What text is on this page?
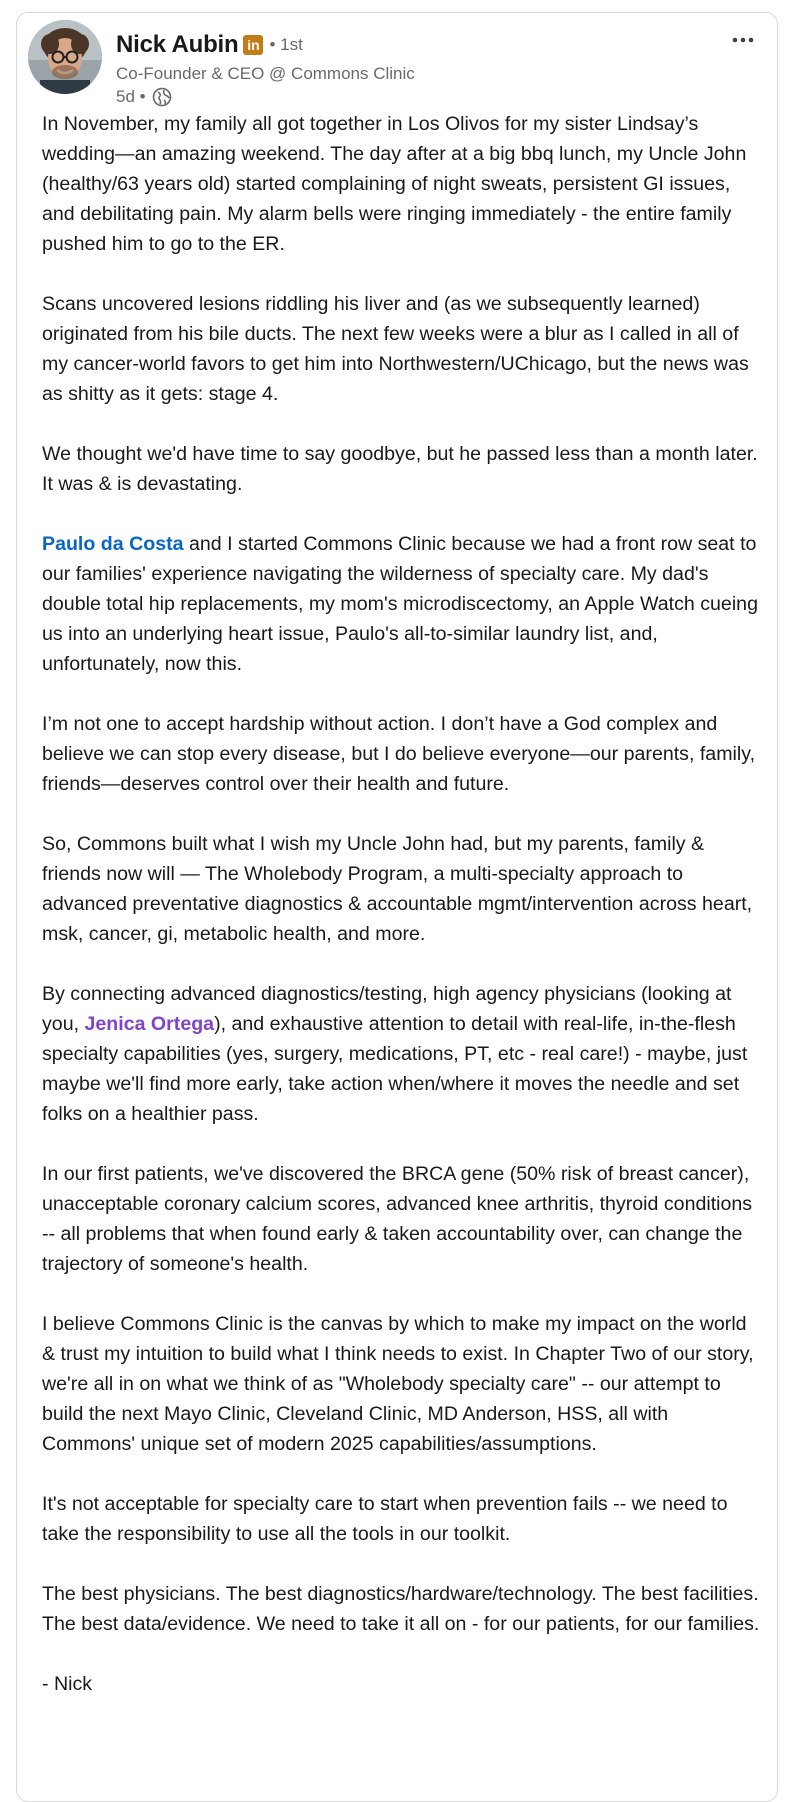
Nick Aubin in • 1st
Co-Founder & CEO @ Commons Clinic
5d •

In November, my family all got together in Los Olivos for my sister Lindsay’s wedding—an amazing weekend. The day after at a big bbq lunch, my Uncle John (healthy/63 years old) started complaining of night sweats, persistent GI issues, and debilitating pain. My alarm bells were ringing immediately - the entire family pushed him to go to the ER.

Scans uncovered lesions riddling his liver and (as we subsequently learned) originated from his bile ducts. The next few weeks were a blur as I called in all of my cancer-world favors to get him into Northwestern/UChicago, but the news was as shitty as it gets: stage 4.

We thought we'd have time to say goodbye, but he passed less than a month later. It was & is devastating.

Paulo da Costa and I started Commons Clinic because we had a front row seat to our families' experience navigating the wilderness of specialty care. My dad's double total hip replacements, my mom's microdiscectomy, an Apple Watch cueing us into an underlying heart issue, Paulo's all-to-similar laundry list, and, unfortunately, now this.

I’m not one to accept hardship without action. I don’t have a God complex and believe we can stop every disease, but I do believe everyone—our parents, family, friends—deserves control over their health and future.

So, Commons built what I wish my Uncle John had, but my parents, family & friends now will — The Wholebody Program, a multi-specialty approach to advanced preventative diagnostics & accountable mgmt/intervention across heart, msk, cancer, gi, metabolic health, and more.

By connecting advanced diagnostics/testing, high agency physicians (looking at you, Jenica Ortega), and exhaustive attention to detail with real-life, in-the-flesh specialty capabilities (yes, surgery, medications, PT, etc - real care!) - maybe, just maybe we'll find more early, take action when/where it moves the needle and set folks on a healthier pass.

In our first patients, we've discovered the BRCA gene (50% risk of breast cancer), unacceptable coronary calcium scores, advanced knee arthritis, thyroid conditions -- all problems that when found early & taken accountability over, can change the trajectory of someone's health.

I believe Commons Clinic is the canvas by which to make my impact on the world & trust my intuition to build what I think needs to exist. In Chapter Two of our story, we're all in on what we think of as "Wholebody specialty care" -- our attempt to build the next Mayo Clinic, Cleveland Clinic, MD Anderson, HSS, all with Commons' unique set of modern 2025 capabilities/assumptions.

It's not acceptable for specialty care to start when prevention fails -- we need to take the responsibility to use all the tools in our toolkit.

The best physicians. The best diagnostics/hardware/technology. The best facilities. The best data/evidence. We need to take it all on - for our patients, for our families.

- Nick
